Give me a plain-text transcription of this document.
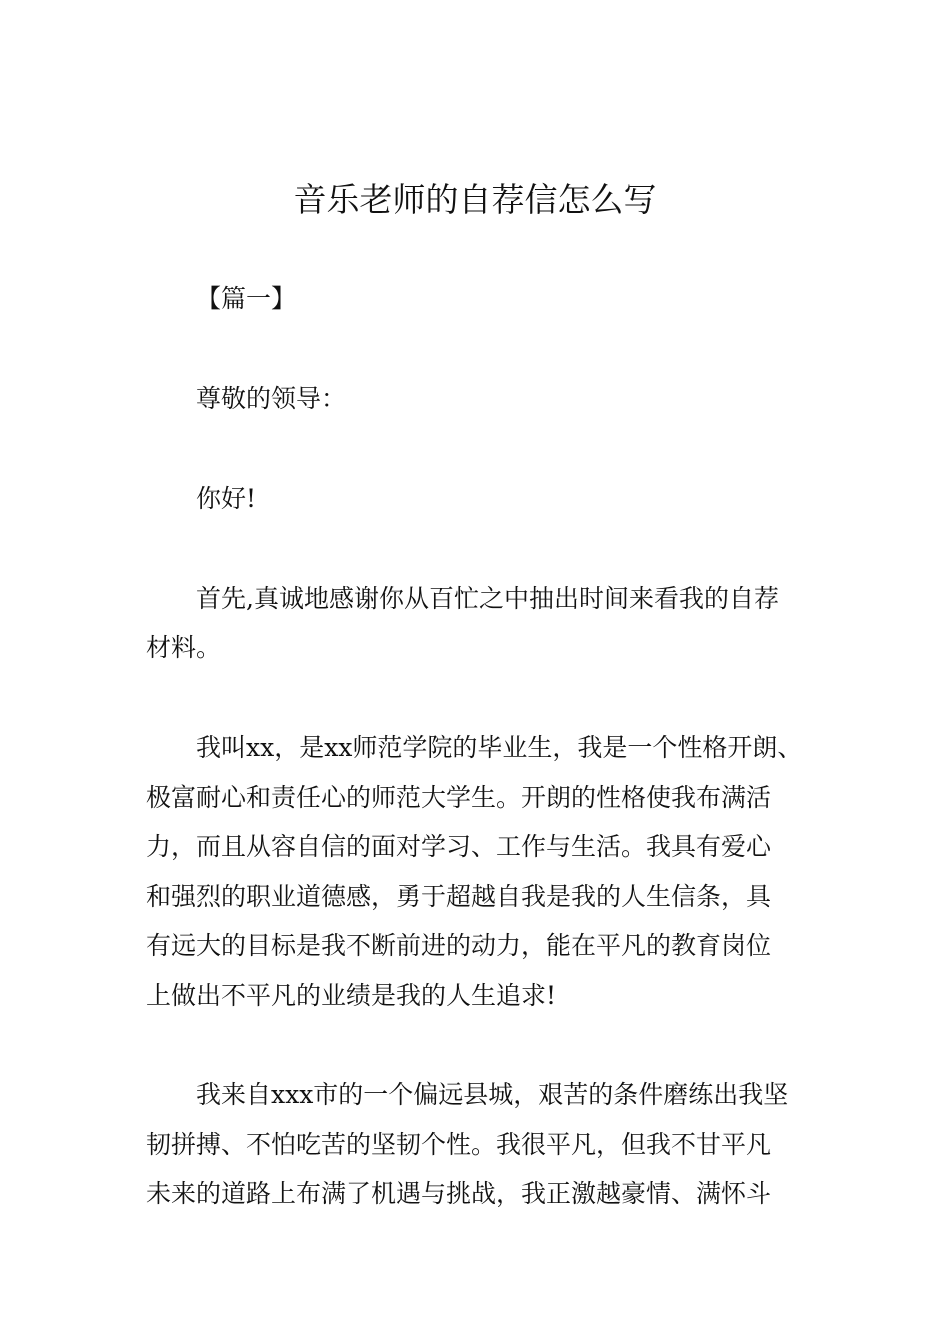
音乐老师的自荐信怎么写

【篇一】

尊敬的领导：

你好!

首先,真诚地感谢你从百忙之中抽出时间来看我的自荐

材料。

我叫xx，是xx师范学院的毕业生，我是一个性格开朗、

极富耐心和责任心的师范大学生。开朗的性格使我布满活

力，而且从容自信的面对学习、工作与生活。我具有爱心

和强烈的职业道德感，勇于超越自我是我的人生信条，具

有远大的目标是我不断前进的动力，能在平凡的教育岗位

上做出不平凡的业绩是我的人生追求!

我来自xxx市的一个偏远县城，艰苦的条件磨练出我坚

韧拼搏、不怕吃苦的坚韧个性。我很平凡，但我不甘平凡

未来的道路上布满了机遇与挑战，我正激越豪情、满怀斗
